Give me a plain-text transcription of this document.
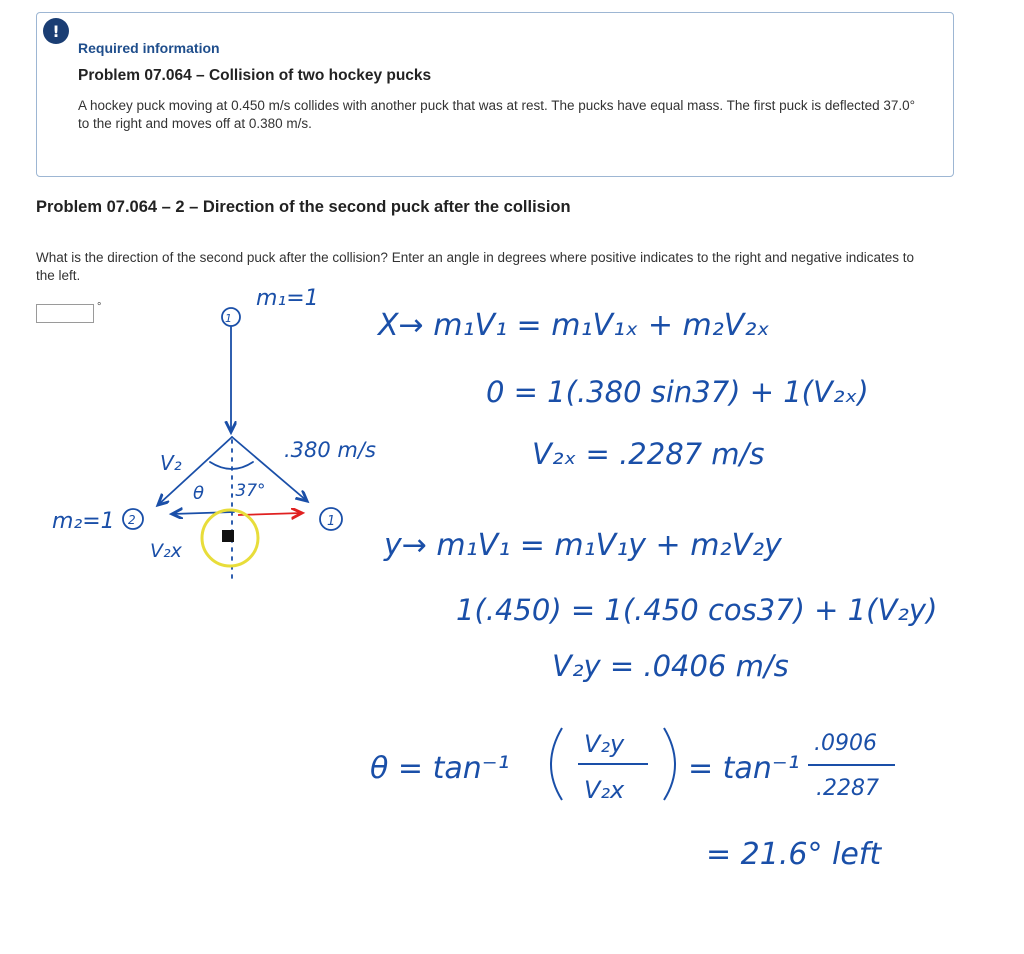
!
Required information
Problem 07.064 – Collision of two hockey pucks
A hockey puck moving at 0.450 m/s collides with another puck that was at rest. The pucks have equal mass. The first puck is deflected 37.0° to the right and moves off at 0.380 m/s.
Problem 07.064 – 2 – Direction of the second puck after the collision
What is the direction of the second puck after the collision? Enter an angle in degrees where positive indicates to the right and negative indicates to the left.
°
1
2	1
m₁=1
m₂=1
V₂
V₂x
.380 m/s
θ .37°
X→ m₁V₁ = m₁V₁ₓ + m₂V₂ₓ
0 = 1(.380 sin37) + 1(V₂ₓ)
V₂ₓ = .2287 m/s
y→ m₁V₁ = m₁V₁y + m₂V₂y
1(.450) = 1(.450 cos37) + 1(V₂y)
V₂y = .0406 m/s
θ = tan⁻¹
V₂y
V₂x
= tan⁻¹
.0906
.2287
= 21.6° left
